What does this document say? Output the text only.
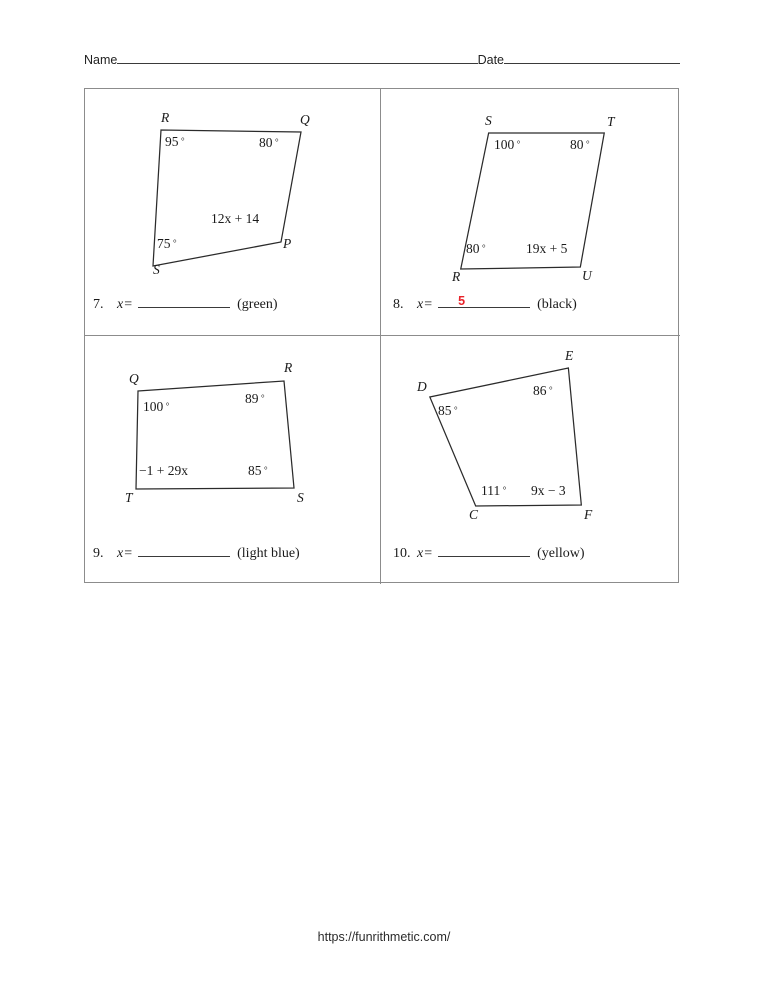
Name	Date
R	Q
P
S
95 °	80 °
12x + 14
75 °
7. x =	(green)
S	T
U
R
100 °	80 °
19x + 5
80 °
8. x = 5	(black)
Q
R
S
T
100 °	89 °
−1 + 29x	85 °
9. x =	(light blue)
E
D
C	F
86 °
85 °
111 ° 9x − 3
10. x =	(yellow)
https://funrithmetic.com/
